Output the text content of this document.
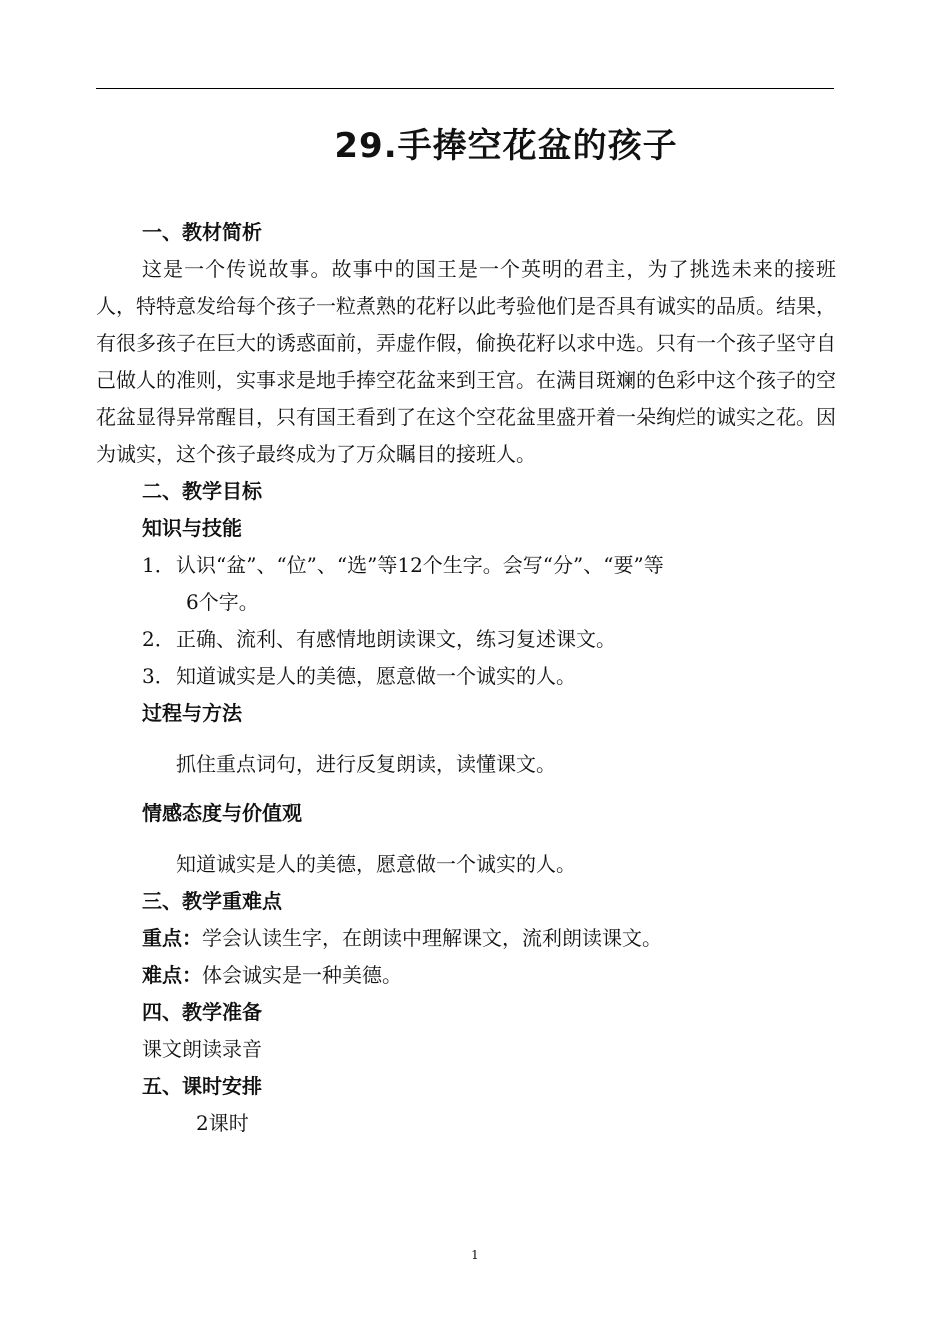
29.手捧空花盆的孩子
一、教材简析

这是一个传说故事。故事中的国王是一个英明的君主，为了挑选未来的接班人，特特意发给每个孩子一粒煮熟的花籽以此考验他们是否具有诚实的品质。结果，有很多孩子在巨大的诱惑面前，弄虚作假，偷换花籽以求中选。只有一个孩子坚守自己做人的准则，实事求是地手捧空花盆来到王宫。在满目斑斓的色彩中这个孩子的空花盆显得异常醒目，只有国王看到了在这个空花盆里盛开着一朵绚烂的诚实之花。因为诚实，这个孩子最终成为了万众瞩目的接班人。

二、教学目标
知识与技能
1． 认识“盆”、“位”、“选”等12个生字。会写“分”、“要”等
6个字。
2． 正确、流利、有感情地朗读课文，练习复述课文。
3． 知道诚实是人的美德，愿意做一个诚实的人。
过程与方法
抓住重点词句，进行反复朗读，读懂课文。
情感态度与价值观
知道诚实是人的美德，愿意做一个诚实的人。
三、教学重难点
重点：学会认读生字，在朗读中理解课文，流利朗读课文。
难点：体会诚实是一种美德。
四、教学准备
课文朗读录音
五、课时安排
2课时
1
